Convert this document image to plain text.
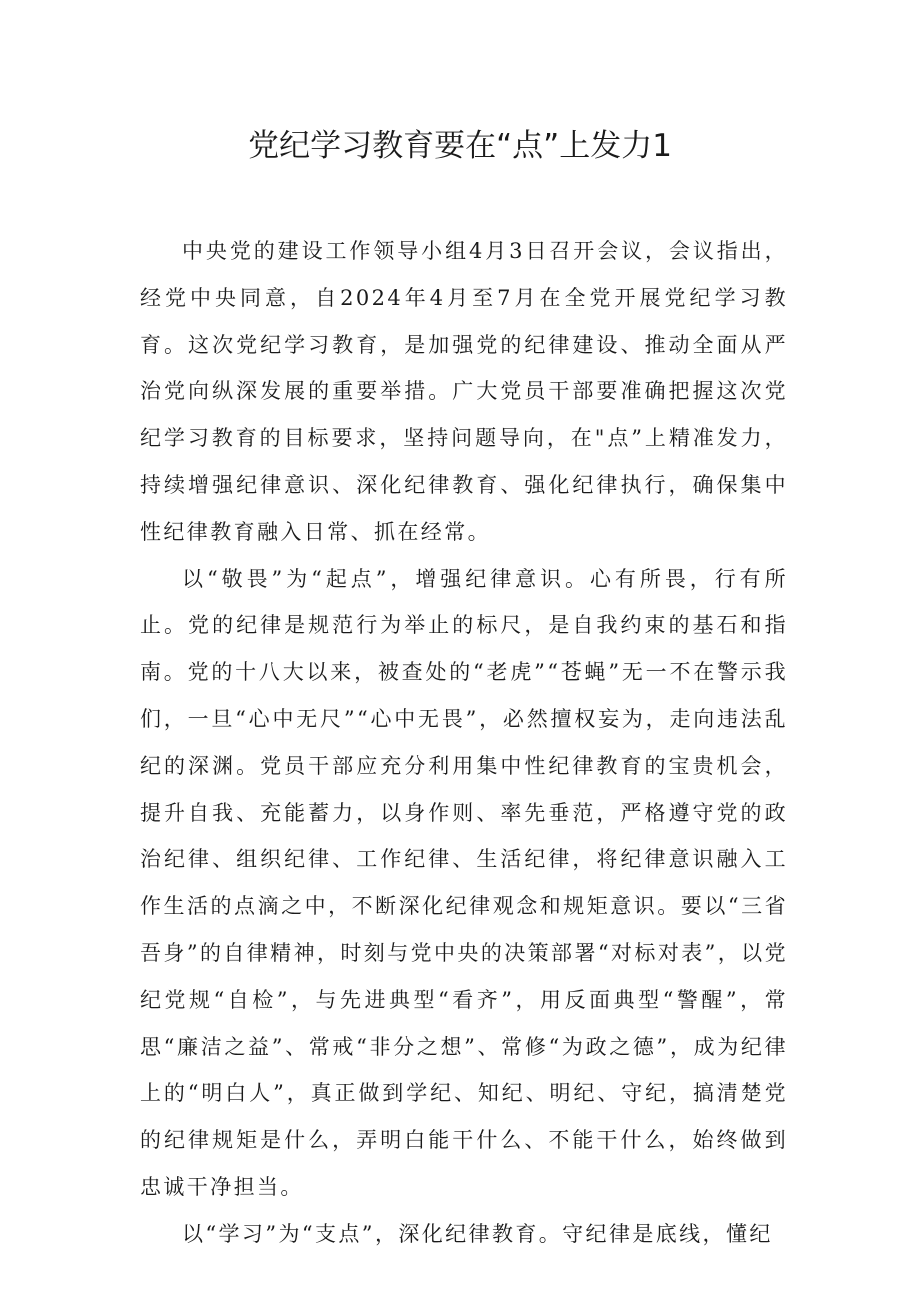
党纪学习教育要在“点”上发力1

中央党的建设工作领导小组4月3日召开会议，会议指出，经党中央同意，自2024年4月至7月在全党开展党纪学习教育。这次党纪学习教育，是加强党的纪律建设、推动全面从严治党向纵深发展的重要举措。广大党员干部要准确把握这次党纪学习教育的目标要求，坚持问题导向，在"点”上精准发力，持续增强纪律意识、深化纪律教育、强化纪律执行，确保集中性纪律教育融入日常、抓在经常。

以“敬畏”为“起点”，增强纪律意识。心有所畏，行有所止。党的纪律是规范行为举止的标尺，是自我约束的基石和指南。党的十八大以来，被查处的“老虎”“苍蝇”无一不在警示我们，一旦“心中无尺”“心中无畏”，必然擅权妄为，走向违法乱纪的深渊。党员干部应充分利用集中性纪律教育的宝贵机会，提升自我、充能蓄力，以身作则、率先垂范，严格遵守党的政治纪律、组织纪律、工作纪律、生活纪律，将纪律意识融入工作生活的点滴之中，不断深化纪律观念和规矩意识。要以“三省吾身”的自律精神，时刻与党中央的决策部署“对标对表”，以党纪党规“自检”，与先进典型“看齐”，用反面典型“警醒”，常思“廉洁之益”、常戒“非分之想”、常修“为政之德”，成为纪律上的“明白人”，真正做到学纪、知纪、明纪、守纪，搞清楚党的纪律规矩是什么，弄明白能干什么、不能干什么，始终做到忠诚干净担当。

以“学习”为“支点”，深化纪律教育。守纪律是底线，懂纪
